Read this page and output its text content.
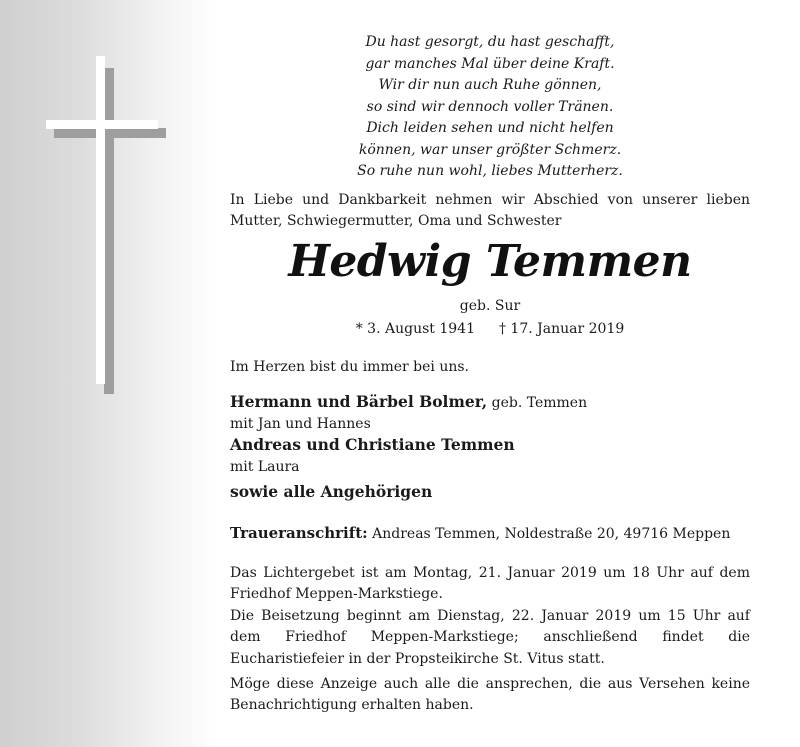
Du hast gesorgt, du hast geschafft,
gar manches Mal über deine Kraft.
Wir dir nun auch Ruhe gönnen,
so sind wir dennoch voller Tränen.
Dich leiden sehen und nicht helfen
können, war unser größter Schmerz.
So ruhe nun wohl, liebes Mutterherz.

In Liebe und Dankbarkeit nehmen wir Abschied von unserer lieben Mutter, Schwiegermutter, Oma und Schwester

Hedwig Temmen
geb. Sur
* 3. August 1941 † 17. Januar 2019
Im Herzen bist du immer bei uns.
Hermann und Bärbel Bolmer, geb. Temmen
mit Jan und Hannes
Andreas und Christiane Temmen
mit Laura
sowie alle Angehörigen
Traueranschrift: Andreas Temmen, Noldestraße 20, 49716 Meppen

Das Lichtergebet ist am Montag, 21. Januar 2019 um 18 Uhr auf dem Friedhof Meppen-Markstiege.

Die Beisetzung beginnt am Dienstag, 22. Januar 2019 um 15 Uhr auf dem Friedhof Meppen-Markstiege; anschließend findet die Eucharistiefeier in der Propsteikirche St. Vitus statt.

Möge diese Anzeige auch alle die ansprechen, die aus Versehen keine Benachrichtigung erhalten haben.
